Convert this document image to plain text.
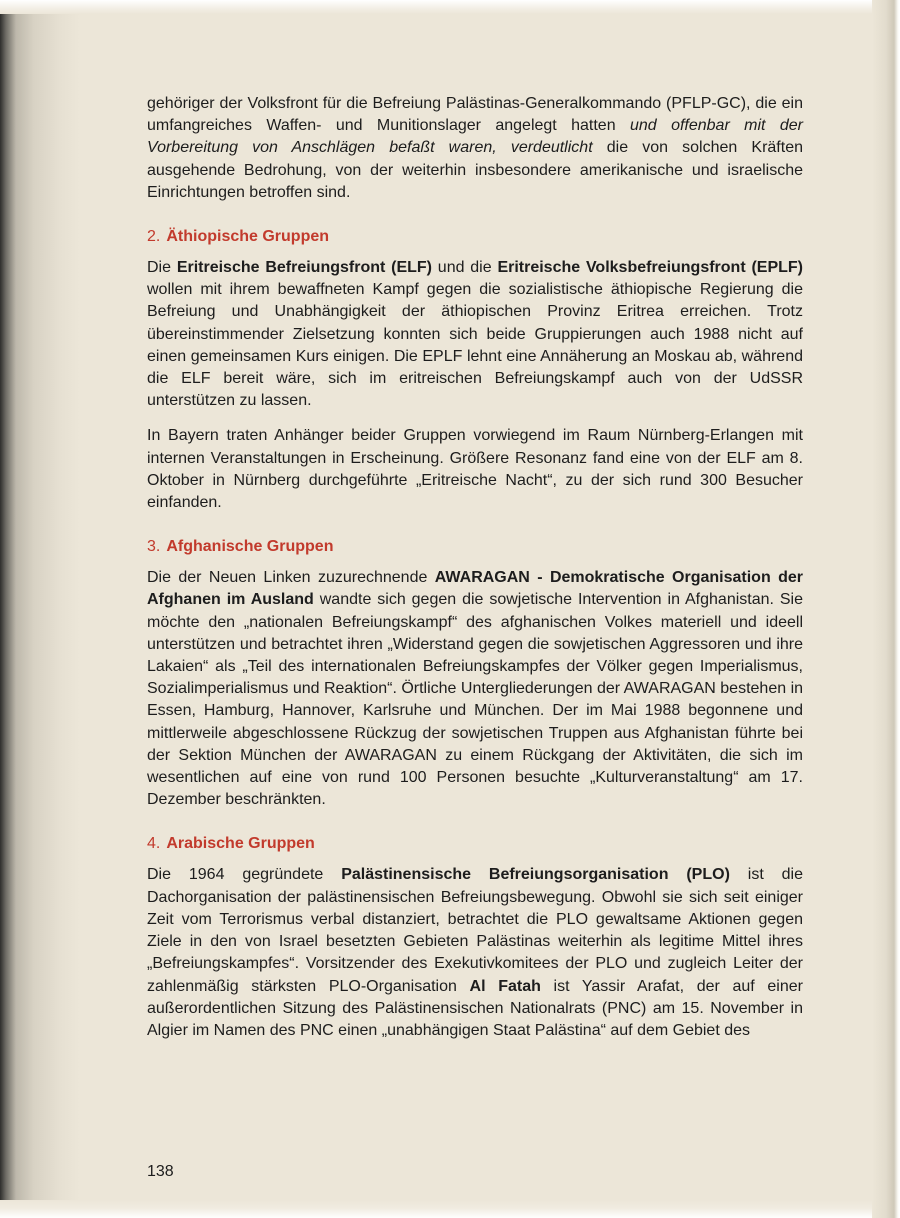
gehöriger der Volksfront für die Befreiung Palästinas-Generalkommando (PFLP-GC), die ein umfangreiches Waffen- und Munitionslager angelegt hatten und offenbar mit der Vorbereitung von Anschlägen befaßt waren, verdeutlicht die von solchen Kräften ausgehende Bedrohung, von der weiterhin insbesondere amerikanische und israelische Einrichtungen betroffen sind.

2. Äthiopische Gruppen

Die Eritreische Befreiungsfront (ELF) und die Eritreische Volksbefreiungsfront (EPLF) wollen mit ihrem bewaffneten Kampf gegen die sozialistische äthiopische Regierung die Befreiung und Unabhängigkeit der äthiopischen Provinz Eritrea erreichen. Trotz übereinstimmender Zielsetzung konnten sich beide Gruppierungen auch 1988 nicht auf einen gemeinsamen Kurs einigen. Die EPLF lehnt eine Annäherung an Moskau ab, während die ELF bereit wäre, sich im eritreischen Befreiungskampf auch von der UdSSR unterstützen zu lassen.

In Bayern traten Anhänger beider Gruppen vorwiegend im Raum Nürnberg-Erlangen mit internen Veranstaltungen in Erscheinung. Größere Resonanz fand eine von der ELF am 8. Oktober in Nürnberg durchgeführte „Eritreische Nacht“, zu der sich rund 300 Besucher einfanden.

3. Afghanische Gruppen

Die der Neuen Linken zuzurechnende AWARAGAN - Demokratische Organisation der Afghanen im Ausland wandte sich gegen die sowjetische Intervention in Afghanistan. Sie möchte den „nationalen Befreiungskampf“ des afghanischen Volkes materiell und ideell unterstützen und betrachtet ihren „Widerstand gegen die sowjetischen Aggressoren und ihre Lakaien“ als „Teil des internationalen Befreiungskampfes der Völker gegen Imperialismus, Sozialimperialismus und Reaktion“. Örtliche Untergliederungen der AWARAGAN bestehen in Essen, Hamburg, Hannover, Karlsruhe und München. Der im Mai 1988 begonnene und mittlerweile abgeschlossene Rückzug der sowjetischen Truppen aus Afghanistan führte bei der Sektion München der AWARAGAN zu einem Rückgang der Aktivitäten, die sich im wesentlichen auf eine von rund 100 Personen besuchte „Kulturveranstaltung“ am 17. Dezember beschränkten.

4. Arabische Gruppen

Die 1964 gegründete Palästinensische Befreiungsorganisation (PLO) ist die Dachorganisation der palästinensischen Befreiungsbewegung. Obwohl sie sich seit einiger Zeit vom Terrorismus verbal distanziert, betrachtet die PLO gewaltsame Aktionen gegen Ziele in den von Israel besetzten Gebieten Palästinas weiterhin als legitime Mittel ihres „Befreiungskampfes“. Vorsitzender des Exekutivkomitees der PLO und zugleich Leiter der zahlenmäßig stärksten PLO-Organisation Al Fatah ist Yassir Arafat, der auf einer außerordentlichen Sitzung des Palästinensischen Nationalrats (PNC) am 15. November in Algier im Namen des PNC einen „unabhängigen Staat Palästina“ auf dem Gebiet des

138
